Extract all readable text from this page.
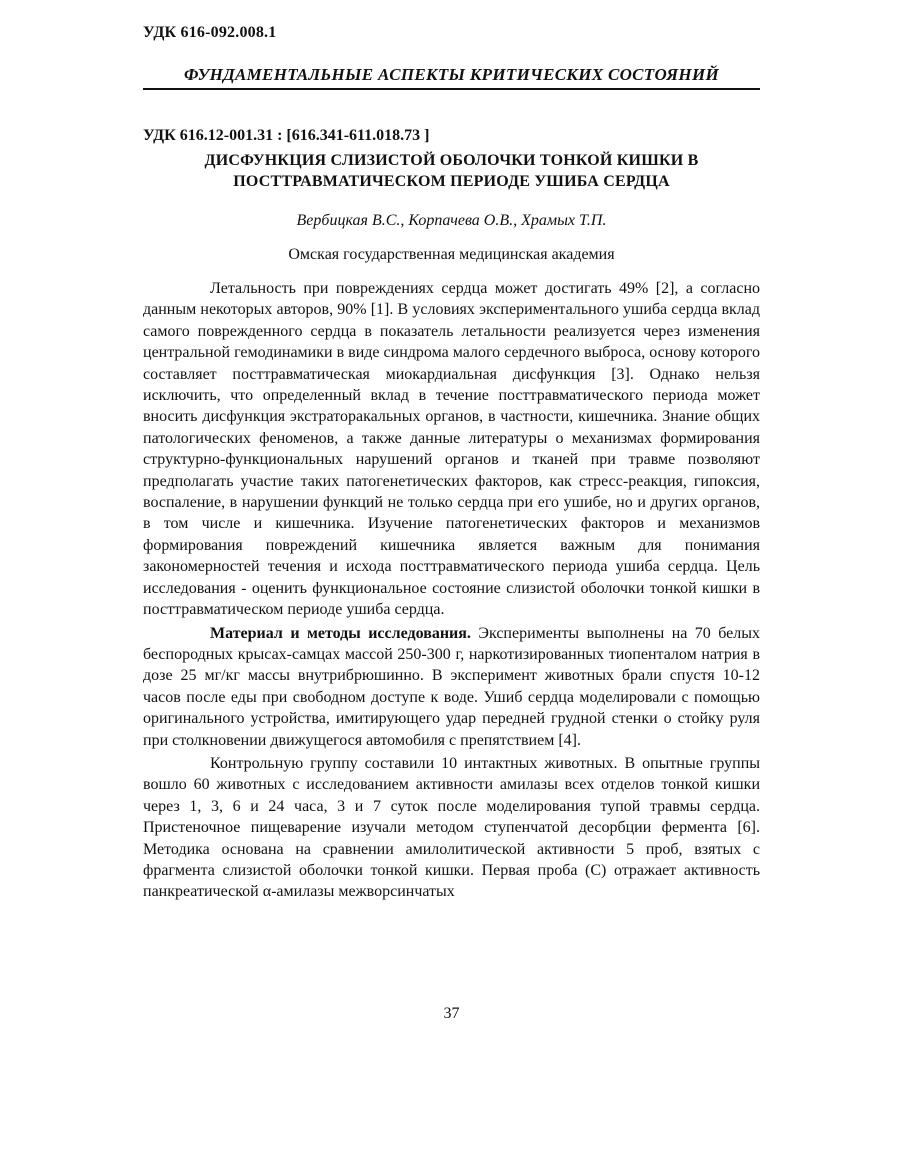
УДК 616-092.008.1
ФУНДАМЕНТАЛЬНЫЕ АСПЕКТЫ КРИТИЧЕСКИХ СОСТОЯНИЙ
УДК 616.12-001.31 : [616.341-611.018.73 ]
ДИСФУНКЦИЯ СЛИЗИСТОЙ ОБОЛОЧКИ ТОНКОЙ КИШКИ В
ПОСТТРАВМАТИЧЕСКОМ ПЕРИОДЕ УШИБА СЕРДЦА
Вербицкая В.С., Корпачева О.В., Храмых Т.П.
Омская государственная медицинская академия

Летальность при повреждениях сердца может достигать 49% [2], а согласно данным некоторых авторов, 90% [1]. В условиях экспериментального ушиба сердца вклад самого поврежденного сердца в показатель летальности реализуется через изменения центральной гемодинамики в виде синдрома малого сердечного выброса, основу которого составляет посттравматическая миокардиальная дисфункция [3]. Однако нельзя исключить, что определенный вклад в течение посттравматического периода может вносить дисфункция экстраторакальных органов, в частности, кишечника. Знание общих патологических феноменов, а также данные литературы о механизмах формирования структурно-функциональных нарушений органов и тканей при травме позволяют предполагать участие таких патогенетических факторов, как стресс-реакция, гипоксия, воспаление, в нарушении функций не только сердца при его ушибе, но и других органов, в том числе и кишечника. Изучение патогенетических факторов и механизмов формирования повреждений кишечника является важным для понимания закономерностей течения и исхода посттравматического периода ушиба сердца. Цель исследования - оценить функциональное состояние слизистой оболочки тонкой кишки в посттравматическом периоде ушиба сердца.

Материал и методы исследования. Эксперименты выполнены на 70 белых беспородных крысах-самцах массой 250-300 г, наркотизированных тиопенталом натрия в дозе 25 мг/кг массы внутрибрюшинно. В эксперимент животных брали спустя 10-12 часов после еды при свободном доступе к воде. Ушиб сердца моделировали с помощью оригинального устройства, имитирующего удар передней грудной стенки о стойку руля при столкновении движущегося автомобиля с препятствием [4].

Контрольную группу составили 10 интактных животных. В опытные группы вошло 60 животных с исследованием активности амилазы всех отделов тонкой кишки через 1, 3, 6 и 24 часа, 3 и 7 суток после моделирования тупой травмы сердца. Пристеночное пищеварение изучали методом ступенчатой десорбции фермента [6]. Методика основана на сравнении амилолитической активности 5 проб, взятых с фрагмента слизистой оболочки тонкой кишки. Первая проба (С) отражает активность панкреатической α-амилазы межворсинчатых

37
